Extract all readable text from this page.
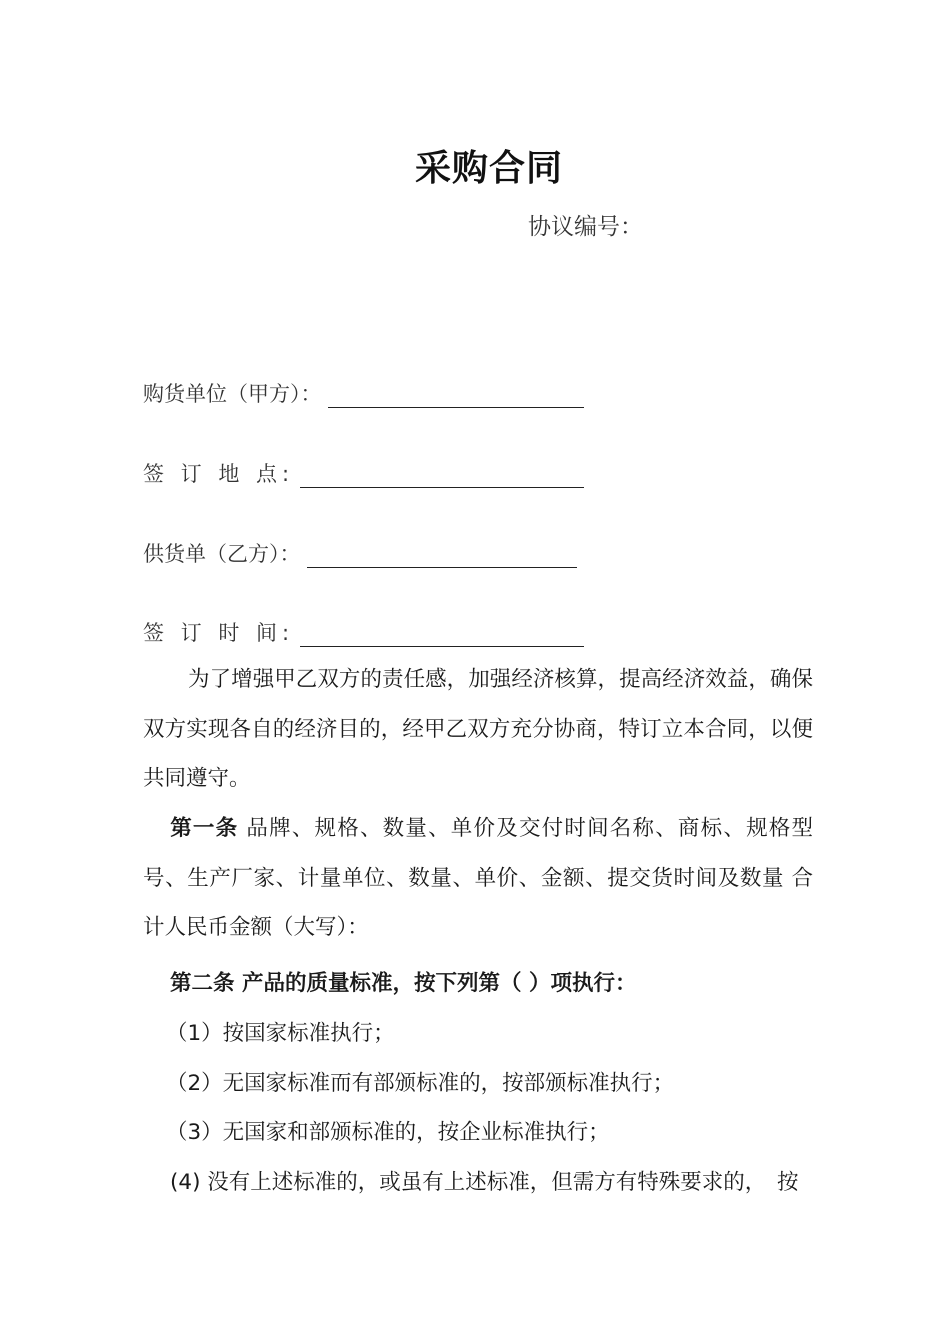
采购合同
协议编号：
购货单位（甲方）：
签 订 地 点:
供货单（乙方）：
签 订 时 间:
为了增强甲乙双方的责任感，加强经济核算，提高经济效益，确保双方实现各自的经济目的，经甲乙双方充分协商，特订立本合同，以便共同遵守。
第一条 品牌、规格、数量、单价及交付时间名称、商标、规格型号、生产厂家、计量单位、数量、单价、金额、提交货时间及数量 合计人民币金额（大写）：
第二条 产品的质量标准，按下列第（ ）项执行：
（1）按国家标准执行；
（2）无国家标准而有部颁标准的，按部颁标准执行；
（3）无国家和部颁标准的，按企业标准执行；
(4) 没有上述标准的，或虽有上述标准，但需方有特殊要求的，　按
